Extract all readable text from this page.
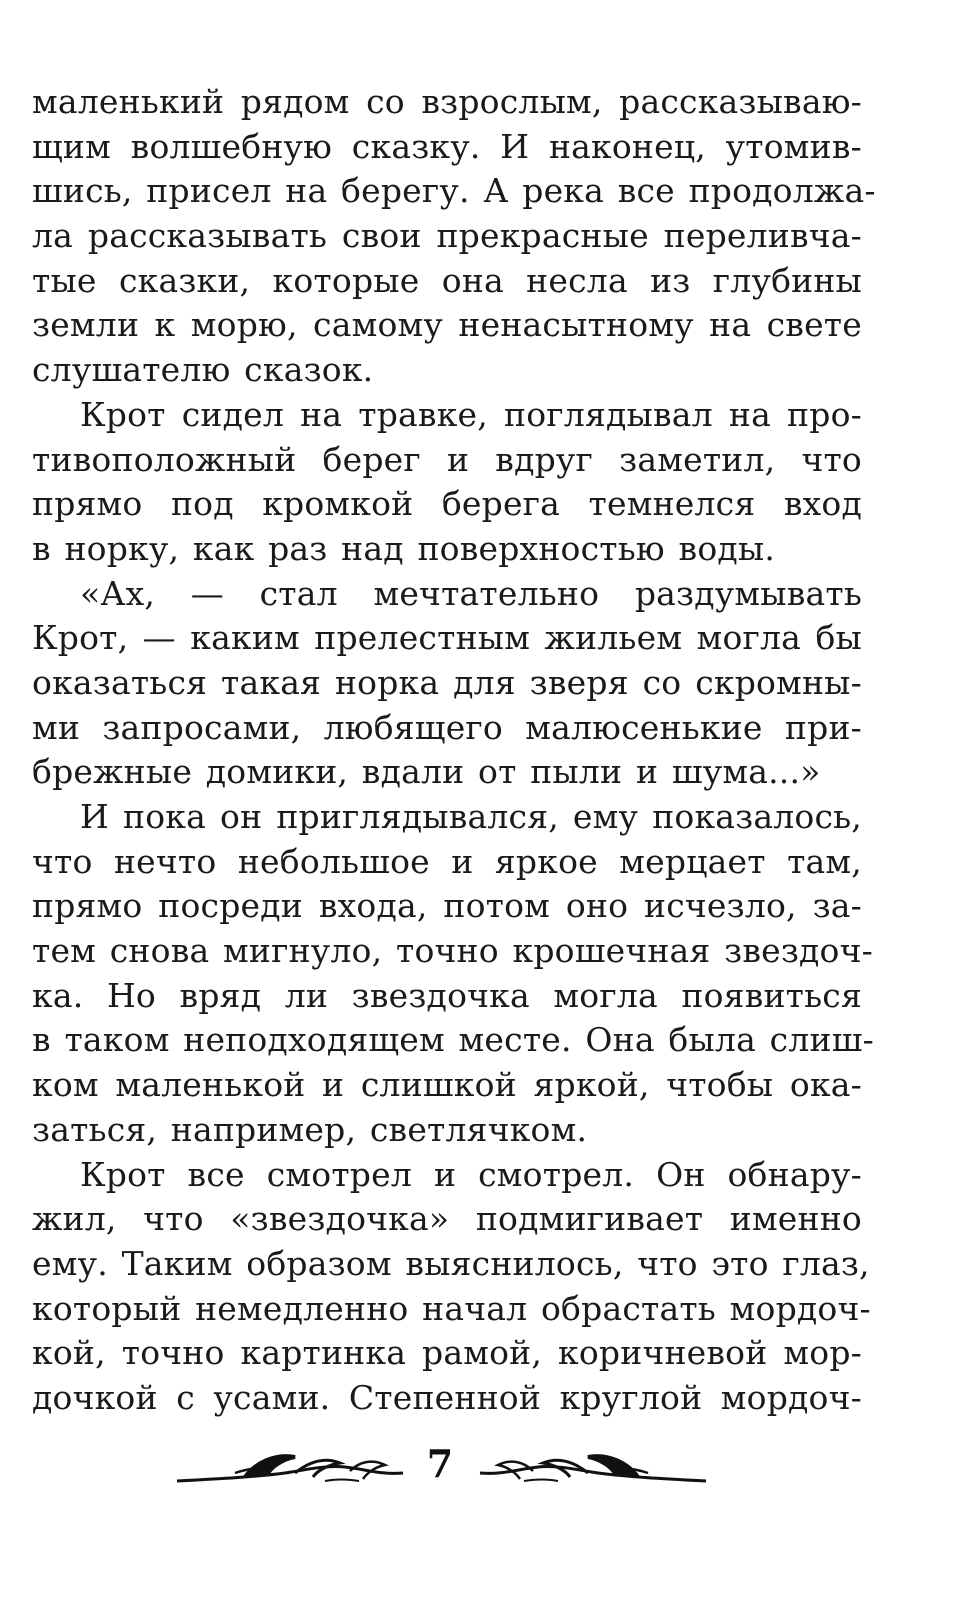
маленький рядом со взрослым, рассказываю-
щим волшебную сказку. И наконец, утомив-
шись, присел на берегу. А река все продолжа-
ла рассказывать свои прекрасные переливча-
тые сказки, которые она несла из глубины
земли к морю, самому ненасытному на свете
слушателю сказок.
Крот сидел на травке, поглядывал на про-
тивоположный берег и вдруг заметил, что
прямо под кромкой берега темнелся вход
в норку, как раз над поверхностью воды.
«Ах, — стал мечтательно раздумывать
Крот, — каким прелестным жильем могла бы
оказаться такая норка для зверя со скромны-
ми запросами, любящего малюсенькие при-
брежные домики, вдали от пыли и шума...»
И пока он приглядывался, ему показалось,
что нечто небольшое и яркое мерцает там,
прямо посреди входа, потом оно исчезло, за-
тем снова мигнуло, точно крошечная звездоч-
ка. Но вряд ли звездочка могла появиться
в таком неподходящем месте. Она была слиш-
ком маленькой и слишкой яркой, чтобы ока-
заться, например, светлячком.
Крот все смотрел и смотрел. Он обнару-
жил, что «звездочка» подмигивает именно
ему. Таким образом выяснилось, что это глаз,
который немедленно начал обрастать мордоч-
кой, точно картинка рамой, коричневой мор-
дочкой с усами. Степенной круглой мордоч-
7
